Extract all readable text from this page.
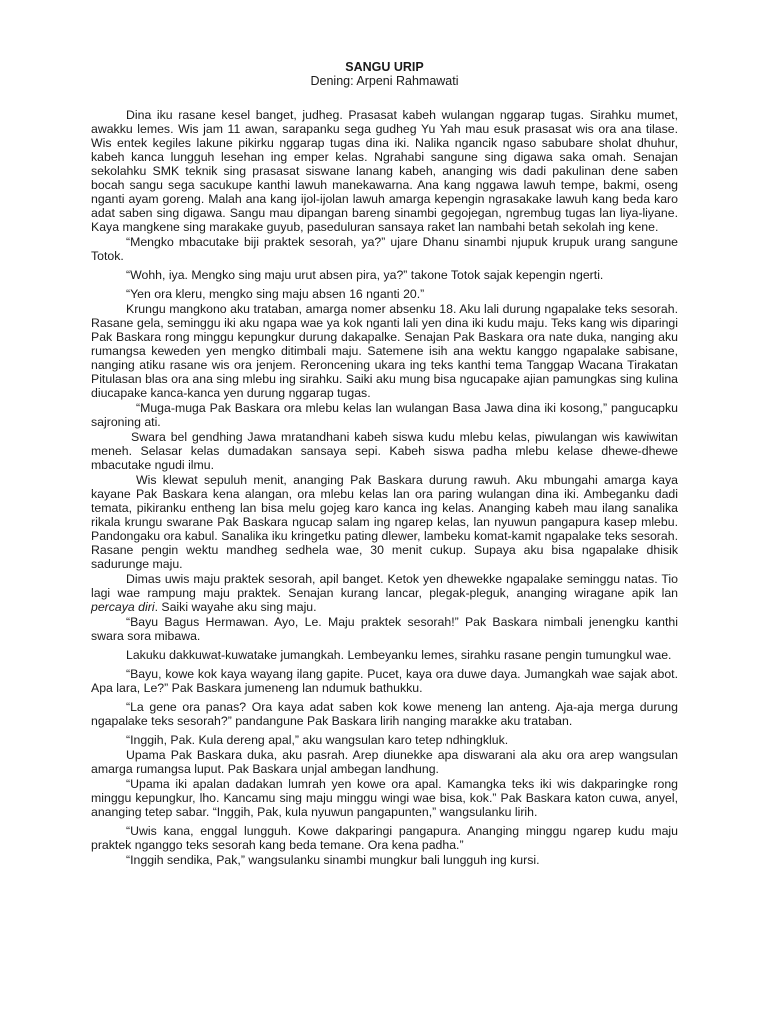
SANGU URIP
Dening: Arpeni Rahmawati

Dina iku rasane kesel banget, judheg. Prasasat kabeh wulangan nggarap tugas. Sirahku mumet, awakku lemes. Wis jam 11 awan, sarapanku sega gudheg Yu Yah mau esuk prasasat wis ora ana tilase. Wis entek kegiles lakune pikirku nggarap tugas dina iki. Nalika ngancik ngaso sabubare sholat dhuhur, kabeh kanca lungguh lesehan ing emper kelas. Ngrahabi sangune sing digawa saka omah. Senajan sekolahku SMK teknik sing prasasat siswane lanang kabeh, ananging wis dadi pakulinan dene saben bocah sangu sega sacukupe kanthi lawuh manekawarna. Ana kang nggawa lawuh tempe, bakmi, oseng nganti ayam goreng. Malah ana kang ijol-ijolan lawuh amarga kepengin ngrasakake lawuh kang beda karo adat saben sing digawa. Sangu mau dipangan bareng sinambi gegojegan, ngrembug tugas lan liya-liyane. Kaya mangkene sing marakake guyub, paseduluran sansaya raket lan nambahi betah sekolah ing kene.

“Mengko mbacutake biji praktek sesorah, ya?” ujare Dhanu sinambi njupuk krupuk urang sangune Totok.

“Wohh, iya. Mengko sing maju urut absen pira, ya?” takone Totok sajak kepengin ngerti.

“Yen ora kleru, mengko sing maju absen 16 nganti 20.”

Krungu mangkono aku trataban, amarga nomer absenku 18. Aku lali durung ngapalake teks sesorah. Rasane gela, seminggu iki aku ngapa wae ya kok nganti lali yen dina iki kudu maju. Teks kang wis diparingi Pak Baskara rong minggu kepungkur durung dakapalke. Senajan Pak Baskara ora nate duka, nanging aku rumangsa keweden yen mengko ditimbali maju. Satemene isih ana wektu kanggo ngapalake sabisane, nanging atiku rasane wis ora jenjem. Reroncening ukara ing teks kanthi tema Tanggap Wacana Tirakatan Pitulasan blas ora ana sing mlebu ing sirahku. Saiki aku mung bisa ngucapake ajian pamungkas sing kulina diucapake kanca-kanca yen durung nggarap tugas.

“Muga-muga Pak Baskara ora mlebu kelas lan wulangan Basa Jawa dina iki kosong,” pangucapku sajroning ati.

Swara bel gendhing Jawa mratandhani kabeh siswa kudu mlebu kelas, piwulangan wis kawiwitan meneh. Selasar kelas dumadakan sansaya sepi. Kabeh siswa padha mlebu kelase dhewe-dhewe mbacutake ngudi ilmu.

Wis klewat sepuluh menit, ananging Pak Baskara durung rawuh. Aku mbungahi amarga kaya kayane Pak Baskara kena alangan, ora mlebu kelas lan ora paring wulangan dina iki. Ambeganku dadi temata, pikiranku entheng lan bisa melu gojeg karo kanca ing kelas. Ananging kabeh mau ilang sanalika rikala krungu swarane Pak Baskara ngucap salam ing ngarep kelas, lan nyuwun pangapura kasep mlebu. Pandongaku ora kabul. Sanalika iku kringetku pating dlewer, lambeku komat-kamit ngapalake teks sesorah. Rasane pengin wektu mandheg sedhela wae, 30 menit cukup. Supaya aku bisa ngapalake dhisik sadurunge maju.

Dimas uwis maju praktek sesorah, apil banget. Ketok yen dhewekke ngapalake seminggu natas. Tio lagi wae rampung maju praktek. Senajan kurang lancar, plegak-pleguk, ananging wiragane apik lan percaya diri. Saiki wayahe aku sing maju.

“Bayu Bagus Hermawan. Ayo, Le. Maju praktek sesorah!” Pak Baskara nimbali jenengku kanthi swara sora mibawa.

Lakuku dakkuwat-kuwatake jumangkah. Lembeyanku lemes, sirahku rasane pengin tumungkul wae.

“Bayu, kowe kok kaya wayang ilang gapite. Pucet, kaya ora duwe daya. Jumangkah wae sajak abot. Apa lara, Le?” Pak Baskara jumeneng lan ndumuk bathukku.

“La gene ora panas? Ora kaya adat saben kok kowe meneng lan anteng. Aja-aja merga durung ngapalake teks sesorah?” pandangune Pak Baskara lirih nanging marakke aku trataban.

“Inggih, Pak. Kula dereng apal,” aku wangsulan karo tetep ndhingkluk.

Upama Pak Baskara duka, aku pasrah. Arep diunekke apa diswarani ala aku ora arep wangsulan amarga rumangsa luput. Pak Baskara unjal ambegan landhung.

“Upama iki apalan dadakan lumrah yen kowe ora apal. Kamangka teks iki wis dakparingke rong minggu kepungkur, lho. Kancamu sing maju minggu wingi wae bisa, kok.” Pak Baskara katon cuwa, anyel, ananging tetep sabar. “Inggih, Pak, kula nyuwun pangapunten,” wangsulanku lirih.

“Uwis kana, enggal lungguh. Kowe dakparingi pangapura. Ananging minggu ngarep kudu maju praktek nganggo teks sesorah kang beda temane. Ora kena padha.”

“Inggih sendika, Pak,” wangsulanku sinambi mungkur bali lungguh ing kursi.
